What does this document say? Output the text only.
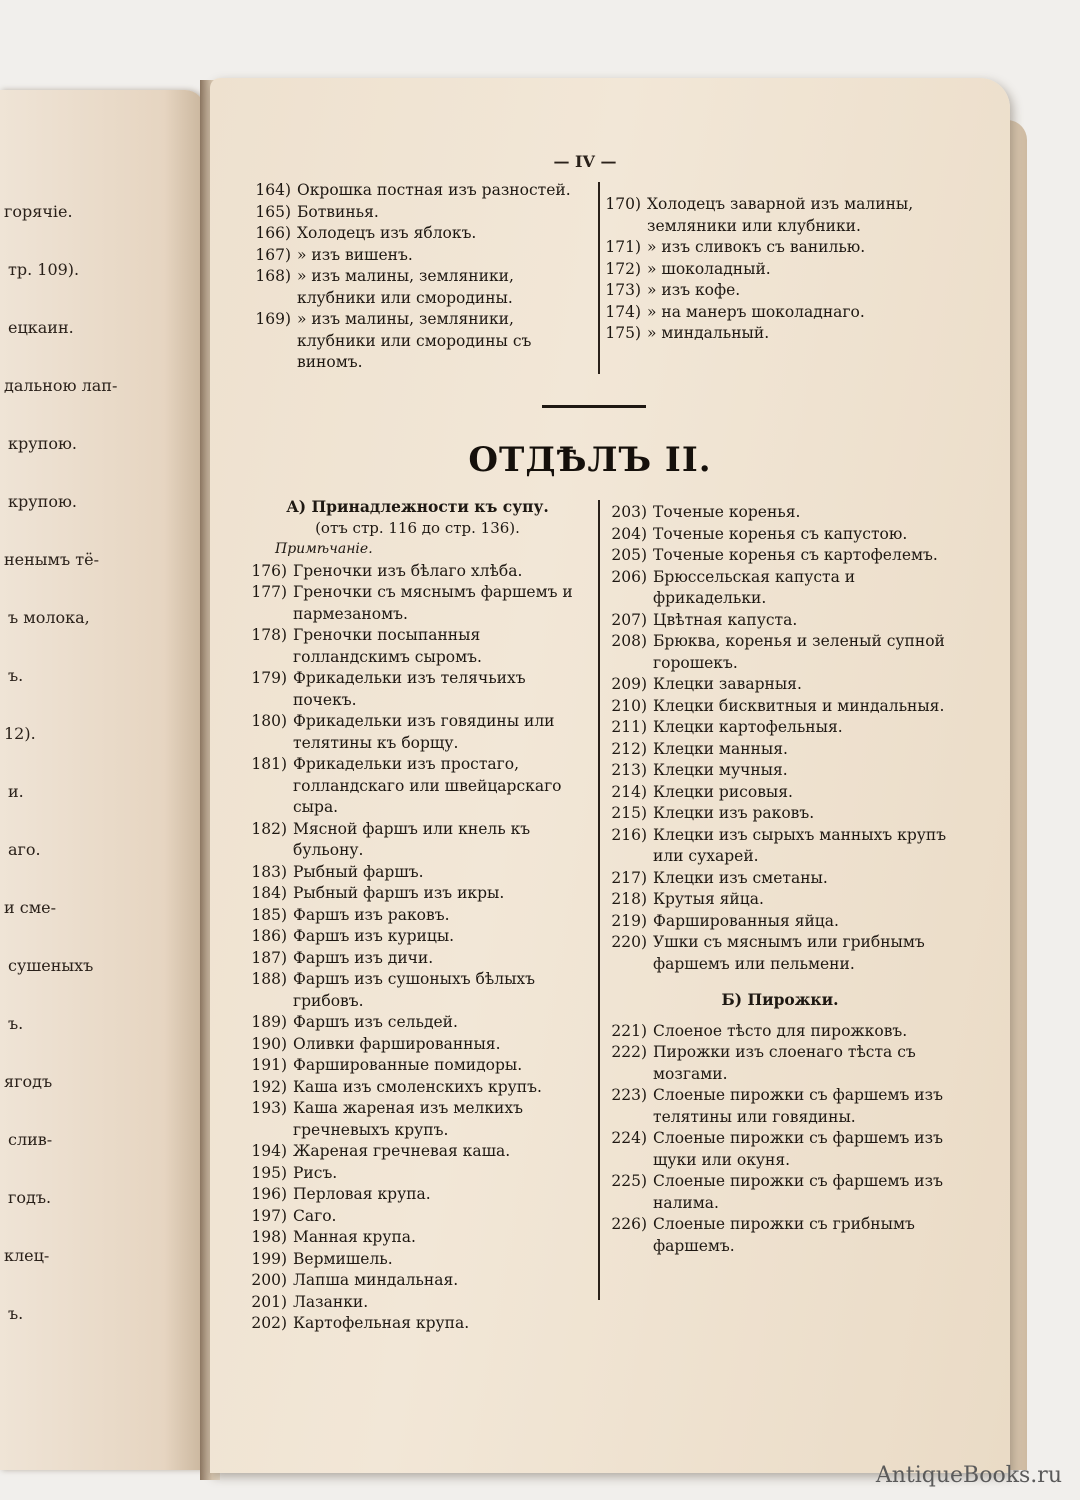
горячіе.
тр. 109).
ецкаин.
дальною лап-
крупою.
крупою.
ненымъ тё-
ъ молока,
ъ.
12).
и.
аго.
и сме-
сушеныхъ
ъ.
ягодъ
слив-
годъ.
клец-
ъ.
— IV —
164) Окрошка постная изъ разностей.
165) Ботвинья.
166) Холодецъ изъ яблокъ.
167) » изъ вишенъ.
168) » изъ малины, земляники, клубники или смородины.
169) » изъ малины, земляники, клубники или смородины съ виномъ.
170) Холодецъ заварной изъ малины, земляники или клубники.
171) » изъ сливокъ съ ванилью.
172) » шоколадный.
173) » изъ кофе.
174) » на манеръ шоколаднаго.
175) » миндальный.
ОТДѢЛЪ II.
А) Принадлежности къ супу.
(отъ стр. 116 до стр. 136).
Примѣчаніе.
176) Греночки изъ бѣлаго хлѣба.
177) Греночки съ мяснымъ фаршемъ и пармезаномъ.
178) Греночки посыпанныя голландскимъ сыромъ.
179) Фрикадельки изъ телячьихъ почекъ.
180) Фрикадельки изъ говядины или телятины къ борщу.
181) Фрикадельки изъ простаго, голландскаго или швейцарскаго сыра.
182) Мясной фаршъ или кнель къ бульону.
183) Рыбный фаршъ.
184) Рыбный фаршъ изъ икры.
185) Фаршъ изъ раковъ.
186) Фаршъ изъ курицы.
187) Фаршъ изъ дичи.
188) Фаршъ изъ сушоныхъ бѣлыхъ грибовъ.
189) Фаршъ изъ сельдей.
190) Оливки фаршированныя.
191) Фаршированные помидоры.
192) Каша изъ смоленскихъ крупъ.
193) Каша жареная изъ мелкихъ гречневыхъ крупъ.
194) Жареная гречневая каша.
195) Рисъ.
196) Перловая крупа.
197) Саго.
198) Манная крупа.
199) Вермишель.
200) Лапша миндальная.
201) Лазанки.
202) Картофельная крупа.
203) Точеные коренья.
204) Точеные коренья съ капустою.
205) Точеные коренья съ картофелемъ.
206) Брюссельская капуста и фрикадельки.
207) Цвѣтная капуста.
208) Брюква, коренья и зеленый супной горошекъ.
209) Клецки заварныя.
210) Клецки бисквитныя и миндальныя.
211) Клецки картофельныя.
212) Клецки манныя.
213) Клецки мучныя.
214) Клецки рисовыя.
215) Клецки изъ раковъ.
216) Клецки изъ сырыхъ манныхъ крупъ или сухарей.
217) Клецки изъ сметаны.
218) Крутыя яйца.
219) Фаршированныя яйца.
220) Ушки съ мяснымъ или грибнымъ фаршемъ или пельмени.
Б) Пирожки.
221) Слоеное тѣсто для пирожковъ.
222) Пирожки изъ слоенаго тѣста съ мозгами.
223) Слоеные пирожки съ фаршемъ изъ телятины или говядины.
224) Слоеные пирожки съ фаршемъ изъ щуки или окуня.
225) Слоеные пирожки съ фаршемъ изъ налима.
226) Слоеные пирожки съ грибнымъ фаршемъ.
AntiqueBooks.ru
